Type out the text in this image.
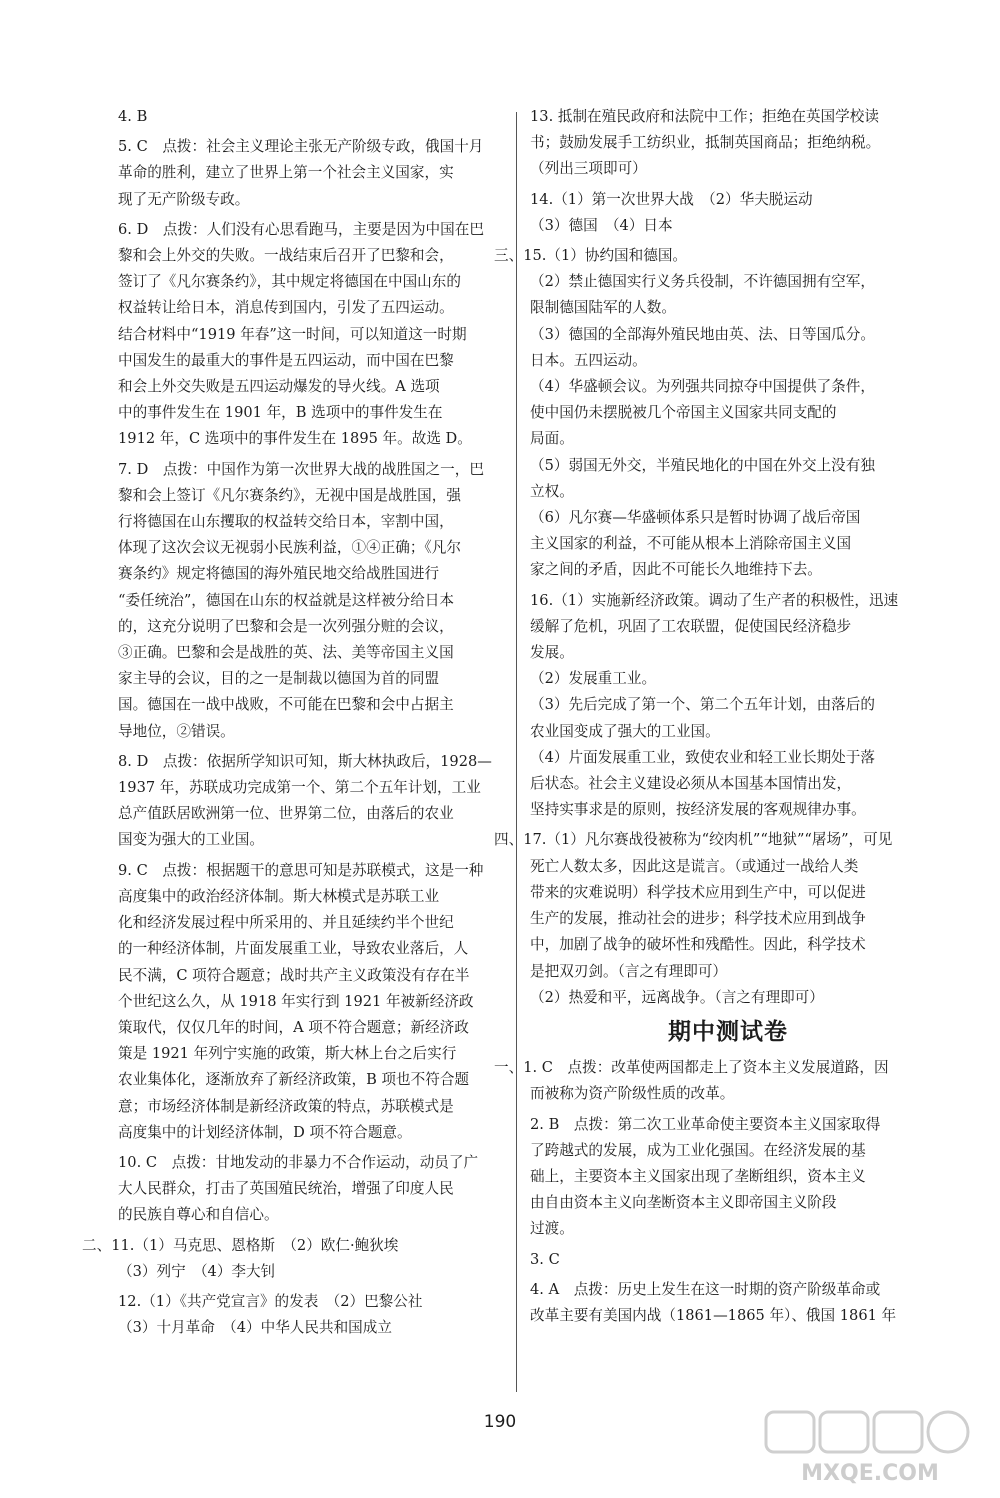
4. B
5. C　点拨：社会主义理论主张无产阶级专政，俄国十月
革命的胜利，建立了世界上第一个社会主义国家，实
现了无产阶级专政。
6. D　点拨：人们没有心思看跑马，主要是因为中国在巴
黎和会上外交的失败。一战结束后召开了巴黎和会，
签订了《凡尔赛条约》，其中规定将德国在中国山东的
权益转让给日本，消息传到国内，引发了五四运动。
结合材料中“1919 年春”这一时间，可以知道这一时期
中国发生的最重大的事件是五四运动，而中国在巴黎
和会上外交失败是五四运动爆发的导火线。A 选项
中的事件发生在 1901 年，B 选项中的事件发生在
1912 年，C 选项中的事件发生在 1895 年。故选 D。
7. D　点拨：中国作为第一次世界大战的战胜国之一，巴
黎和会上签订《凡尔赛条约》，无视中国是战胜国，强
行将德国在山东攫取的权益转交给日本，宰割中国，
体现了这次会议无视弱小民族利益，①④正确；《凡尔
赛条约》规定将德国的海外殖民地交给战胜国进行
“委任统治”，德国在山东的权益就是这样被分给日本
的，这充分说明了巴黎和会是一次列强分赃的会议，
③正确。巴黎和会是战胜的英、法、美等帝国主义国
家主导的会议，目的之一是制裁以德国为首的同盟
国。德国在一战中战败，不可能在巴黎和会中占据主
导地位，②错误。
8. D　点拨：依据所学知识可知，斯大林执政后，1928—
1937 年，苏联成功完成第一个、第二个五年计划，工业
总产值跃居欧洲第一位、世界第二位，由落后的农业
国变为强大的工业国。
9. C　点拨：根据题干的意思可知是苏联模式，这是一种
高度集中的政治经济体制。斯大林模式是苏联工业
化和经济发展过程中所采用的、并且延续约半个世纪
的一种经济体制，片面发展重工业，导致农业落后，人
民不满，C 项符合题意；战时共产主义政策没有存在半
个世纪这么久，从 1918 年实行到 1921 年被新经济政
策取代，仅仅几年的时间，A 项不符合题意；新经济政
策是 1921 年列宁实施的政策，斯大林上台之后实行
农业集体化，逐渐放弃了新经济政策，B 项也不符合题
意；市场经济体制是新经济政策的特点，苏联模式是
高度集中的计划经济体制，D 项不符合题意。
10. C　点拨：甘地发动的非暴力不合作运动，动员了广
大人民群众，打击了英国殖民统治，增强了印度人民
的民族自尊心和自信心。
二、11.（1）马克思、恩格斯　（2）欧仁·鲍狄埃
（3）列宁　（4）李大钊
12.（1）《共产党宣言》的发表　（2）巴黎公社
（3）十月革命　（4）中华人民共和国成立
13. 抵制在殖民政府和法院中工作；拒绝在英国学校读
书；鼓励发展手工纺织业，抵制英国商品；拒绝纳税。
（列出三项即可）
14.（1）第一次世界大战　（2）华夫脱运动
（3）德国　（4）日本
三、15.（1）协约国和德国。
（2）禁止德国实行义务兵役制，不许德国拥有空军，
限制德国陆军的人数。
（3）德国的全部海外殖民地由英、法、日等国瓜分。
日本。五四运动。
（4）华盛顿会议。为列强共同掠夺中国提供了条件，
使中国仍未摆脱被几个帝国主义国家共同支配的
局面。
（5）弱国无外交，半殖民地化的中国在外交上没有独
立权。
（6）凡尔赛—华盛顿体系只是暂时协调了战后帝国
主义国家的利益，不可能从根本上消除帝国主义国
家之间的矛盾，因此不可能长久地维持下去。
16.（1）实施新经济政策。调动了生产者的积极性，迅速
缓解了危机，巩固了工农联盟，促使国民经济稳步
发展。
（2）发展重工业。
（3）先后完成了第一个、第二个五年计划，由落后的
农业国变成了强大的工业国。
（4）片面发展重工业，致使农业和轻工业长期处于落
后状态。社会主义建设必须从本国基本国情出发，
坚持实事求是的原则，按经济发展的客观规律办事。
四、17.（1）凡尔赛战役被称为“绞肉机”“地狱”“屠场”，可见
死亡人数太多，因此这是谎言。（或通过一战给人类
带来的灾难说明）科学技术应用到生产中，可以促进
生产的发展，推动社会的进步；科学技术应用到战争
中，加剧了战争的破坏性和残酷性。因此，科学技术
是把双刃剑。（言之有理即可）
（2）热爱和平，远离战争。（言之有理即可）
期中测试卷
一、1. C　点拨：改革使两国都走上了资本主义发展道路，因
而被称为资产阶级性质的改革。
2. B　点拨：第二次工业革命使主要资本主义国家取得
了跨越式的发展，成为工业化强国。在经济发展的基
础上，主要资本主义国家出现了垄断组织，资本主义
由自由资本主义向垄断资本主义即帝国主义阶段
过渡。
3. C
4. A　点拨：历史上发生在这一时期的资产阶级革命或
改革主要有美国内战（1861—1865 年）、俄国 1861 年
190
MXQE.COM
